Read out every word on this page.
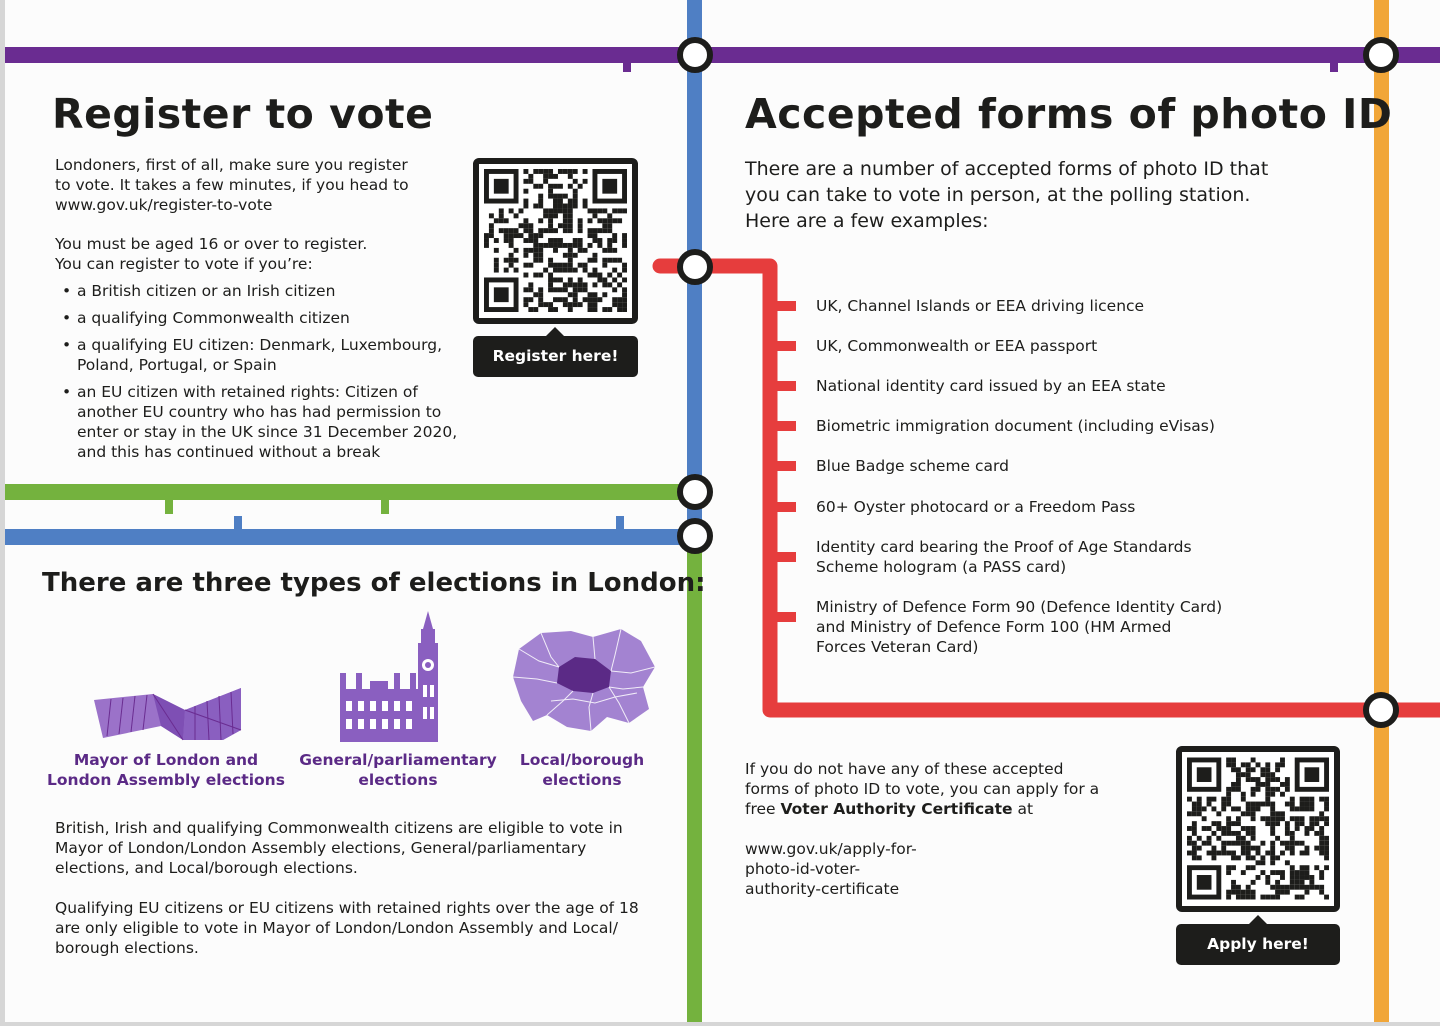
Register to vote
Londoners, first of all, make sure you register
to vote. It takes a few minutes, if you head to
www.gov.uk/register-to-vote
You must be aged 16 or over to register.
You can register to vote if you’re:
• a British citizen or an Irish citizen
• a qualifying Commonwealth citizen
• a qualifying EU citizen: Denmark, Luxembourg,
Poland, Portugal, or Spain
• an EU citizen with retained rights: Citizen of
another EU country who has had permission to
enter or stay in the UK since 31 December 2020,
and this has continued without a break
Register here!
Accepted forms of photo ID
There are a number of accepted forms of photo ID that
you can take to vote in person, at the polling station.
Here are a few examples:
UK, Channel Islands or EEA driving licence
UK, Commonwealth or EEA passport
National identity card issued by an EEA state
Biometric immigration document (including eVisas)
Blue Badge scheme card
60+ Oyster photocard or a Freedom Pass
Identity card bearing the Proof of Age Standards
Scheme hologram (a PASS card)
Ministry of Defence Form 90 (Defence Identity Card)
and Ministry of Defence Form 100 (HM Armed
Forces Veteran Card)
If you do not have any of these accepted
forms of photo ID to vote, you can apply for a
free Voter Authority Certificate at
www.gov.uk/apply-for-
photo-id-voter-
authority-certificate
Apply here!
There are three types of elections in London:
Mayor of London and
London Assembly elections
General/parliamentary
elections
Local/borough
elections
British, Irish and qualifying Commonwealth citizens are eligible to vote in
Mayor of London/London Assembly elections, General/parliamentary
elections, and Local/borough elections.
Qualifying EU citizens or EU citizens with retained rights over the age of 18
are only eligible to vote in Mayor of London/London Assembly and Local/
borough elections.
